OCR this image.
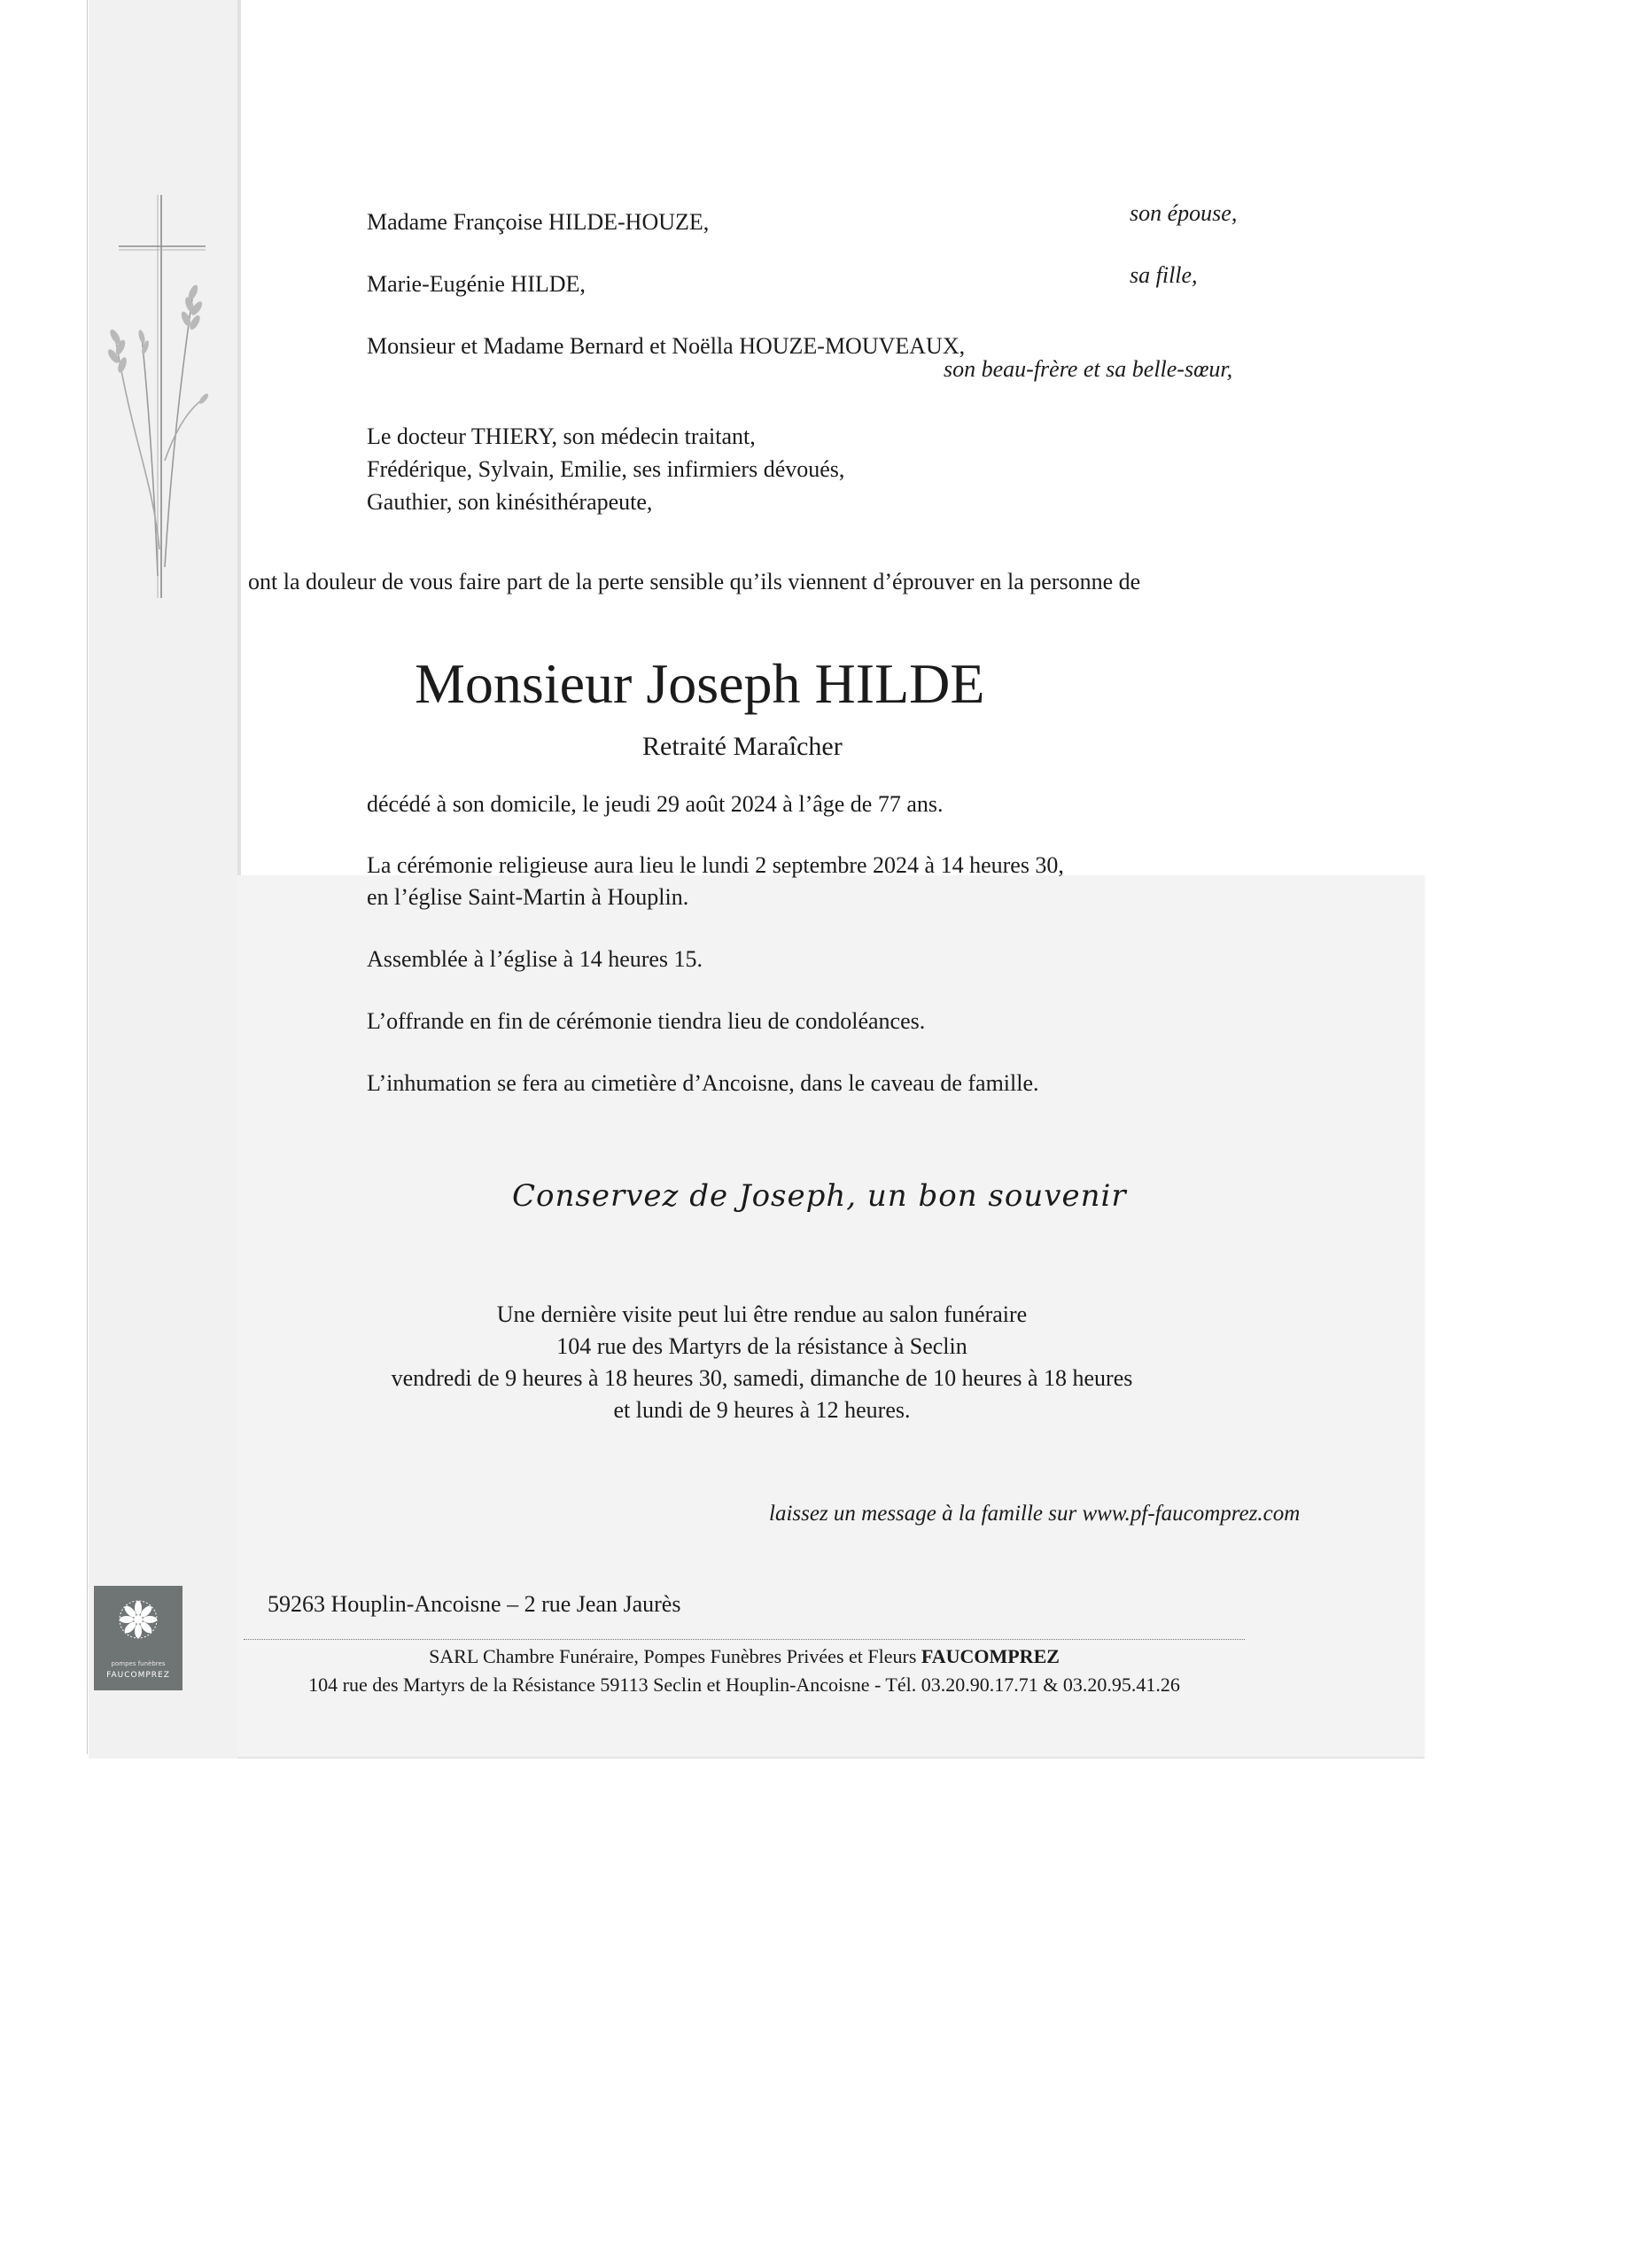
Madame Françoise HILDE-HOUZE,	son épouse,
Marie-Eugénie HILDE,	sa fille,
Monsieur et Madame Bernard et Noëlla HOUZE-MOUVEAUX,
son beau-frère et sa belle-sœur,
Le docteur THIERY, son médecin traitant,
Frédérique, Sylvain, Emilie, ses infirmiers dévoués,
Gauthier, son kinésithérapeute,
ont la douleur de vous faire part de la perte sensible qu’ils viennent d’éprouver en la personne de
Monsieur Joseph HILDE
Retraité Maraîcher
décédé à son domicile, le jeudi 29 août 2024 à l’âge de 77 ans.
La cérémonie religieuse aura lieu le lundi 2 septembre 2024 à 14 heures 30,
en l’église Saint-Martin à Houplin.
Assemblée à l’église à 14 heures 15.
L’offrande en fin de cérémonie tiendra lieu de condoléances.
L’inhumation se fera au cimetière d’Ancoisne, dans le caveau de famille.
Conservez de Joseph, un bon souvenir
Une dernière visite peut lui être rendue au salon funéraire
104 rue des Martyrs de la résistance à Seclin
vendredi de 9 heures à 18 heures 30, samedi, dimanche de 10 heures à 18 heures
et lundi de 9 heures à 12 heures.
laissez un message à la famille sur www.pf-faucomprez.com
59263 Houplin-Ancoisne – 2 rue Jean Jaurès
SARL Chambre Funéraire, Pompes Funèbres Privées et Fleurs FAUCOMPREZ
104 rue des Martyrs de la Résistance 59113 Seclin et Houplin-Ancoisne - Tél. 03.20.90.17.71 & 03.20.95.41.26
pompes funèbres
FAUCOMPREZ
